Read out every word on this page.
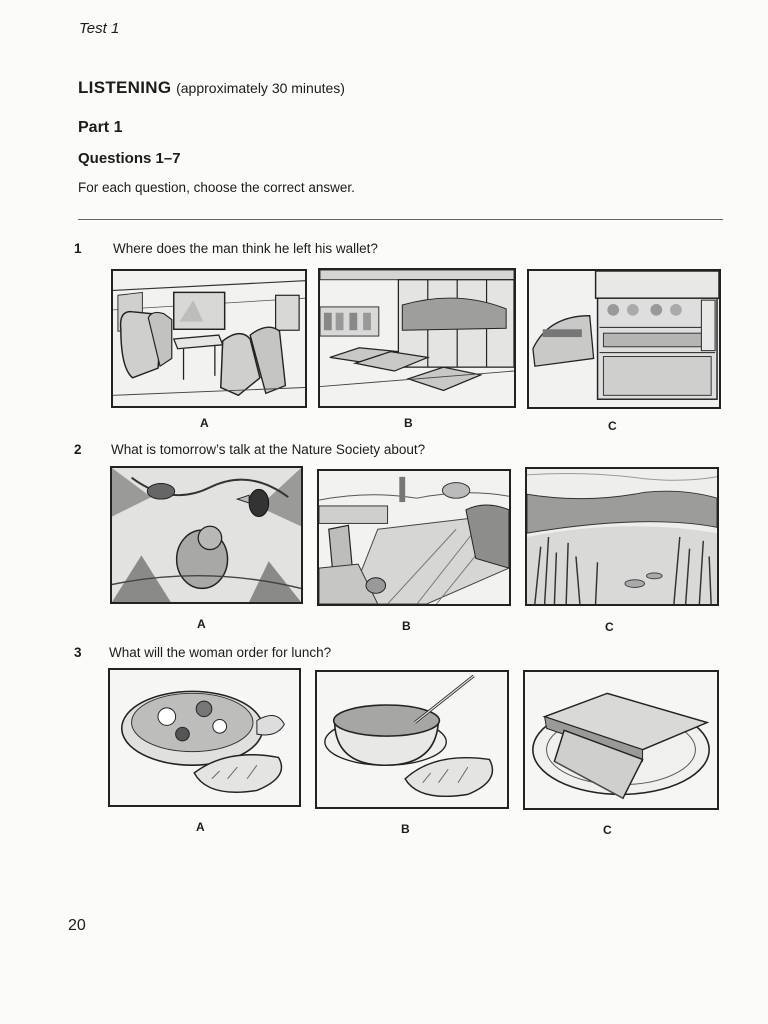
Test 1
LISTENING (approximately 30 minutes)
Part 1
Questions 1–7
For each question, choose the correct answer.
1 Where does the man think he left his wallet?
A	B	C
2 What is tomorrow’s talk at the Nature Society about?
A	B	C
3 What will the woman order for lunch?
A	B	C
20
